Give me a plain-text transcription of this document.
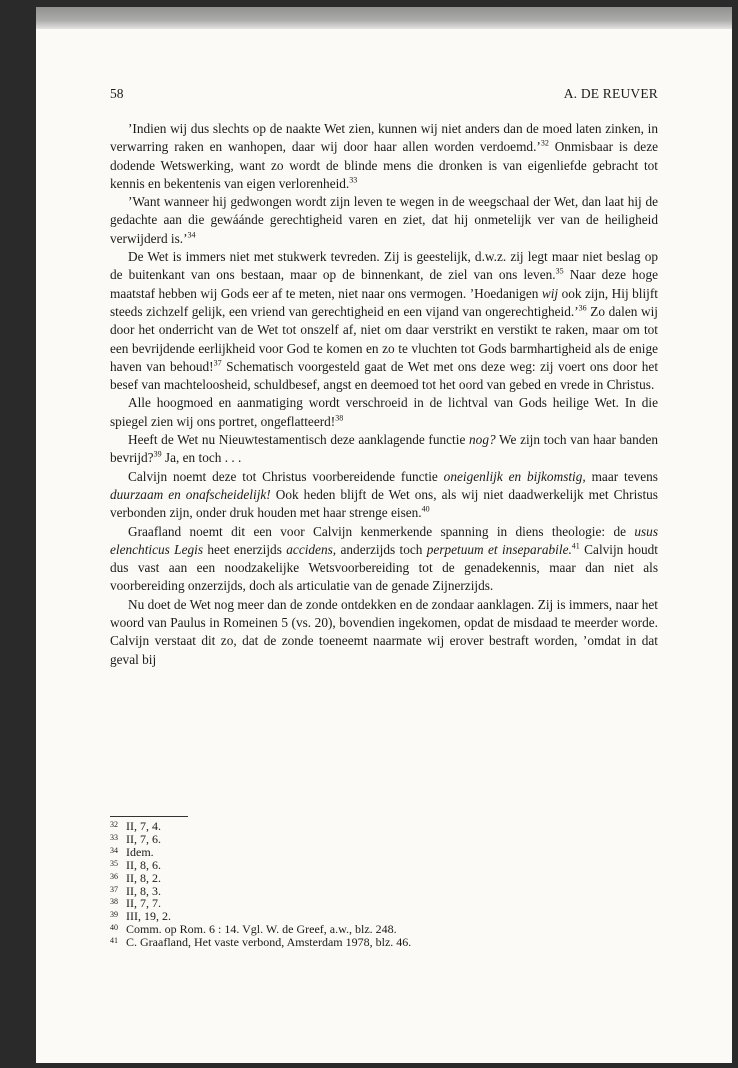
58	A. DE REUVER

’Indien wij dus slechts op de naakte Wet zien, kunnen wij niet anders dan de moed laten zinken, in verwarring raken en wanhopen, daar wij door haar allen worden verdoemd.’$^{32}$ Onmisbaar is deze dodende Wetswerking, want zo wordt de blinde mens die dronken is van eigenliefde gebracht tot kennis en bekentenis van eigen verlorenheid.$^{33}$

’Want wanneer hij gedwongen wordt zijn leven te wegen in de weegschaal der Wet, dan laat hij de gedachte aan die gewáánde gerechtigheid varen en ziet, dat hij onmetelijk ver van de heiligheid verwijderd is.’$^{34}$

De Wet is immers niet met stukwerk tevreden. Zij is geestelijk, d.w.z. zij legt maar niet beslag op de buitenkant van ons bestaan, maar op de binnenkant, de ziel van ons leven.$^{35}$ Naar deze hoge maatstaf hebben wij Gods eer af te meten, niet naar ons vermogen. ’Hoedanigen wij ook zijn, Hij blijft steeds zichzelf gelijk, een vriend van gerechtigheid en een vijand van ongerechtigheid.’$^{36}$ Zo dalen wij door het onderricht van de Wet tot onszelf af, niet om daar verstrikt en verstikt te raken, maar om tot een bevrijdende eerlijkheid voor God te komen en zo te vluchten tot Gods barmhartigheid als de enige haven van behoud!$^{37}$ Schematisch voorgesteld gaat de Wet met ons deze weg: zij voert ons door het besef van machteloosheid, schuldbesef, angst en deemoed tot het oord van gebed en vrede in Christus.

Alle hoogmoed en aanmatiging wordt verschroeid in de lichtval van Gods heilige Wet. In die spiegel zien wij ons portret, ongeflatteerd!$^{38}$

Heeft de Wet nu Nieuwtestamentisch deze aanklagende functie nog? We zijn toch van haar banden bevrijd?$^{39}$ Ja, en toch . . .

Calvijn noemt deze tot Christus voorbereidende functie oneigenlijk en bijkomstig, maar tevens duurzaam en onafscheidelijk! Ook heden blijft de Wet ons, als wij niet daadwerkelijk met Christus verbonden zijn, onder druk houden met haar strenge eisen.$^{40}$

Graafland noemt dit een voor Calvijn kenmerkende spanning in diens theologie: de usus elenchticus Legis heet enerzijds accidens, anderzijds toch perpetuum et inseparabile.$^{41}$ Calvijn houdt dus vast aan een noodzakelijke Wetsvoorbereiding tot de genadekennis, maar dan niet als voorbereiding onzerzijds, doch als articulatie van de genade Zijnerzijds.

Nu doet de Wet nog meer dan de zonde ontdekken en de zondaar aanklagen. Zij is immers, naar het woord van Paulus in Romeinen 5 (vs. 20), bovendien ingekomen, opdat de misdaad te meerder worde. Calvijn verstaat dit zo, dat de zonde toeneemt naarmate wij erover bestraft worden, ’omdat in dat geval bij

32 II, 7, 4.
33 II, 7, 6.
34 Idem.
35 II, 8, 6.
36 II, 8, 2.
37 II, 8, 3.
38 II, 7, 7.
39 III, 19, 2.
40 Comm. op Rom. 6 : 14. Vgl. W. de Greef, a.w., blz. 248.
41 C. Graafland, Het vaste verbond, Amsterdam 1978, blz. 46.
